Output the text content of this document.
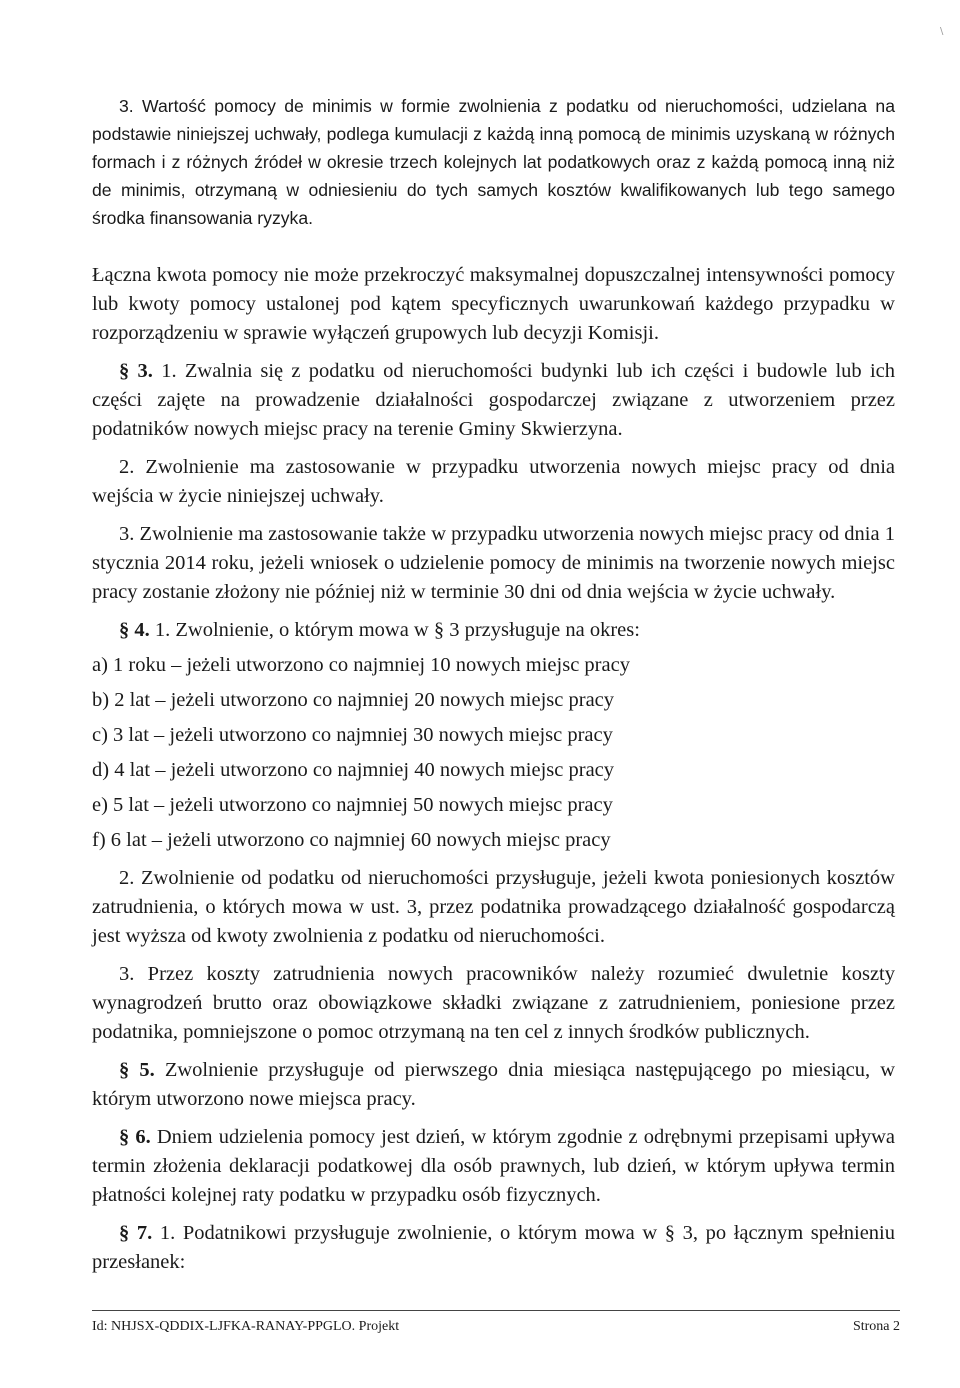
\

3. Wartość pomocy de minimis w formie zwolnienia z podatku od nieruchomości, udzielana na podstawie niniejszej uchwały, podlega kumulacji z każdą inną pomocą de minimis uzyskaną w różnych formach i z różnych źródeł w okresie trzech kolejnych lat podatkowych oraz z każdą pomocą inną niż de minimis, otrzymaną w odniesieniu do tych samych kosztów kwalifikowanych lub tego samego środka finansowania ryzyka.

Łączna kwota pomocy nie może przekroczyć maksymalnej dopuszczalnej intensywności pomocy lub kwoty pomocy ustalonej pod kątem specyficznych uwarunkowań każdego przypadku w rozporządzeniu w sprawie wyłączeń grupowych lub decyzji Komisji.

§ 3. 1. Zwalnia się z podatku od nieruchomości budynki lub ich części i budowle lub ich części zajęte na prowadzenie działalności gospodarczej związane z utworzeniem przez podatników nowych miejsc pracy na terenie Gminy Skwierzyna.

2. Zwolnienie ma zastosowanie w przypadku utworzenia nowych miejsc pracy od dnia wejścia w życie niniejszej uchwały.

3. Zwolnienie ma zastosowanie także w przypadku utworzenia nowych miejsc pracy od dnia 1 stycznia 2014 roku, jeżeli wniosek o udzielenie pomocy de minimis na tworzenie nowych miejsc pracy zostanie złożony nie później niż w terminie 30 dni od dnia wejścia w życie uchwały.

§ 4. 1. Zwolnienie, o którym mowa w § 3 przysługuje na okres:

a) 1 roku – jeżeli utworzono co najmniej 10 nowych miejsc pracy

b) 2 lat – jeżeli utworzono co najmniej 20 nowych miejsc pracy

c) 3 lat – jeżeli utworzono co najmniej 30 nowych miejsc pracy

d) 4 lat – jeżeli utworzono co najmniej 40 nowych miejsc pracy

e) 5 lat – jeżeli utworzono co najmniej 50 nowych miejsc pracy

f) 6 lat – jeżeli utworzono co najmniej 60 nowych miejsc pracy

2. Zwolnienie od podatku od nieruchomości przysługuje, jeżeli kwota poniesionych kosztów zatrudnienia, o których mowa w ust. 3, przez podatnika prowadzącego działalność gospodarczą jest wyższa od kwoty zwolnienia z podatku od nieruchomości.

3. Przez koszty zatrudnienia nowych pracowników należy rozumieć dwuletnie koszty wynagrodzeń brutto oraz obowiązkowe składki związane z zatrudnieniem, poniesione przez podatnika, pomniejszone o pomoc otrzymaną na ten cel z innych środków publicznych.

§ 5. Zwolnienie przysługuje od pierwszego dnia miesiąca następującego po miesiącu, w którym utworzono nowe miejsca pracy.

§ 6. Dniem udzielenia pomocy jest dzień, w którym zgodnie z odrębnymi przepisami upływa termin złożenia deklaracji podatkowej dla osób prawnych, lub dzień, w którym upływa termin płatności kolejnej raty podatku w przypadku osób fizycznych.

§ 7. 1. Podatnikowi przysługuje zwolnienie, o którym mowa w § 3, po łącznym spełnieniu przesłanek:

Id: NHJSX-QDDIX-LJFKA-RANAY-PPGLO. Projekt	Strona 2
